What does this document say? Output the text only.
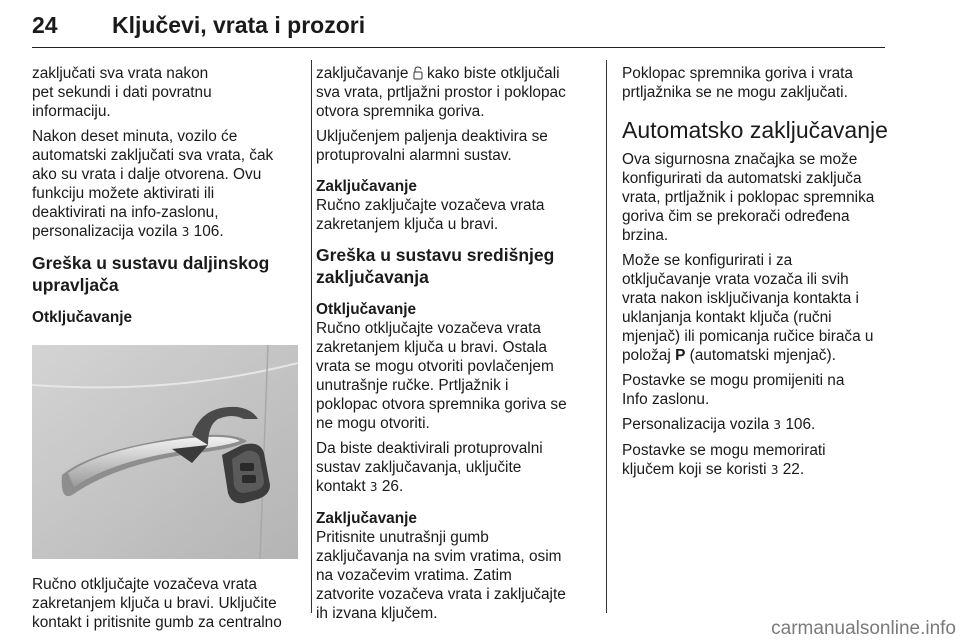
24 Ključevi, vrata i prozori

zaključati sva vrata nakon
pet sekundi i dati povratnu
informaciju.

Nakon deset minuta, vozilo će
automatski zaključati sva vrata, čak
ako su vrata i dalje otvorena. Ovu
funkciju možete aktivirati ili
deaktivirati na info-zaslonu,
personalizacija vozila 3 106.

Greška u sustavu daljinskog
upravljača
Otključavanje

Ručno otključajte vozačeva vrata
zakretanjem ključa u bravi. Uključite
kontakt i pritisnite gumb za centralno

zaključavanje  kako biste otključali
sva vrata, prtljažni prostor i poklopac
otvora spremnika goriva.

Uključenjem paljenja deaktivira se
protuprovalni alarmni sustav.

Zaključavanje

Ručno zaključajte vozačeva vrata
zakretanjem ključa u bravi.

Greška u sustavu središnjeg
zaključavanja
Otključavanje

Ručno otključajte vozačeva vrata
zakretanjem ključa u bravi. Ostala
vrata se mogu otvoriti povlačenjem
unutrašnje ručke. Prtljažnik i
poklopac otvora spremnika goriva se
ne mogu otvoriti.

Da biste deaktivirali protuprovalni
sustav zaključavanja, uključite
kontakt 3 26.

Zaključavanje

Pritisnite unutrašnji gumb
zaključavanja na svim vratima, osim
na vozačevim vratima. Zatim
zatvorite vozačeva vrata i zaključajte
ih izvana ključem.

Poklopac spremnika goriva i vrata
prtljažnika se ne mogu zaključati.

Automatsko zaključavanje

Ova sigurnosna značajka se može
konfigurirati da automatski zaključa
vrata, prtljažnik i poklopac spremnika
goriva čim se prekorači određena
brzina.

Može se konfigurirati i za
otključavanje vrata vozača ili svih
vrata nakon isključivanja kontakta i
uklanjanja kontakt ključa (ručni
mjenjač) ili pomicanja ručice birača u
položaj P (automatski mjenjač).

Postavke se mogu promijeniti na
Info zaslonu.

Personalizacija vozila 3 106.

Postavke se mogu memorirati
ključem koji se koristi 3 22.

carmanualsonline.info
